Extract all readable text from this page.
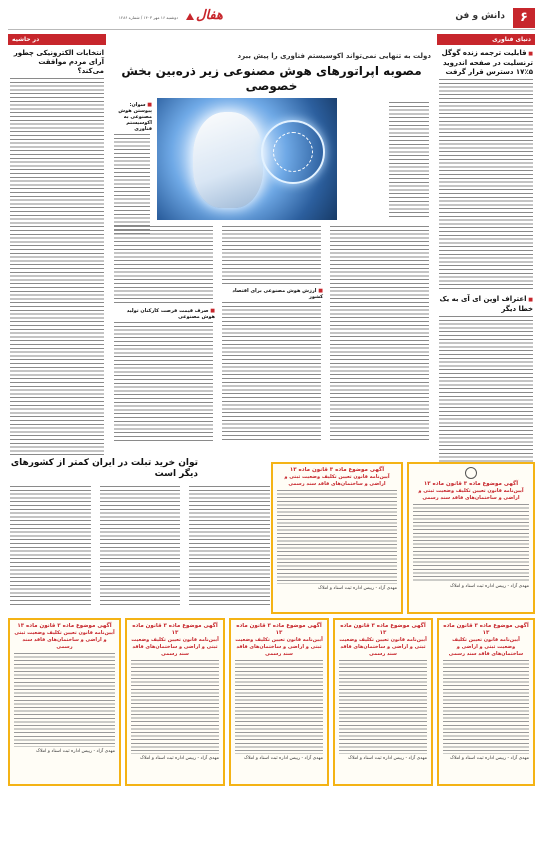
۶
دانش و فن
هفال
دوشنبه ۱۶ مهر ۱۴۰۳ / شماره ۱۲۸۶
دنیای فناوری
■ قابلیت ترجمه زنده گوگل ترنسلیت در صفحه اندروید ۵٪۱۷ دسترس قرار گرفت
■ اعتراف اوپن ای آی به یک خطا دیگر
دولت به تنهایی نمی‌تواند اکوسیستم فناوری را پیش ببرد
مصوبه اپراتورهای هوش مصنوعی زیر ذره‌بین بخش خصوصی
■ سوان: پیوستن هوش مصنوعی به اکوسیستم فناوری
■ ارزش هوش مصنوعی برای اقتصاد کشور
■ صرف قیمت فرصت کارکنان تولید هوش مصنوعی
در حاشیه
انتخابات الکترونیکی چطور آرای مردم موافقت می‌کند؟
توان خرید تبلت در ایران کمتر از کشورهای دیگر است
آگهی موضوع ماده ۳ قانون ماده ۱۳
آیین‌نامه قانون تعیین تکلیف وضعیت ثبتی و اراضی و ساختمان‌های فاقد سند رسمی
مهدی آزاد - رییس اداره ثبت اسناد و املاک
آگهی موضوع ماده ۳ قانون ماده ۱۳
آیین‌نامه قانون تعیین تکلیف وضعیت ثبتی و اراضی و ساختمان‌های فاقد سند رسمی
مهدی آزاد - رییس اداره ثبت اسناد و املاک
آگهی موضوع ماده ۳ قانون ماده ۱۳
آیین‌نامه قانون تعیین تکلیف وضعیت ثبتی و اراضی و ساختمان‌های فاقد سند رسمی
مهدی آزاد - رییس اداره ثبت اسناد و املاک
آگهی موضوع ماده ۳ قانون ماده ۱۳
آیین‌نامه قانون تعیین تکلیف وضعیت ثبتی و اراضی و ساختمان‌های فاقد سند رسمی
مهدی آزاد - رییس اداره ثبت اسناد و املاک
آگهی موضوع ماده ۳ قانون ماده ۱۳
آیین‌نامه قانون تعیین تکلیف وضعیت ثبتی و اراضی و ساختمان‌های فاقد سند رسمی
مهدی آزاد - رییس اداره ثبت اسناد و املاک
آگهی موضوع ماده ۳ قانون ماده ۱۳
آیین‌نامه قانون تعیین تکلیف وضعیت ثبتی و اراضی و ساختمان‌های فاقد سند رسمی
مهدی آزاد - رییس اداره ثبت اسناد و املاک
آگهی موضوع ماده ۳ قانون ماده ۱۳
آیین‌نامه قانون تعیین تکلیف وضعیت ثبتی و اراضی و ساختمان‌های فاقد سند رسمی
مهدی آزاد - رییس اداره ثبت اسناد و املاک
